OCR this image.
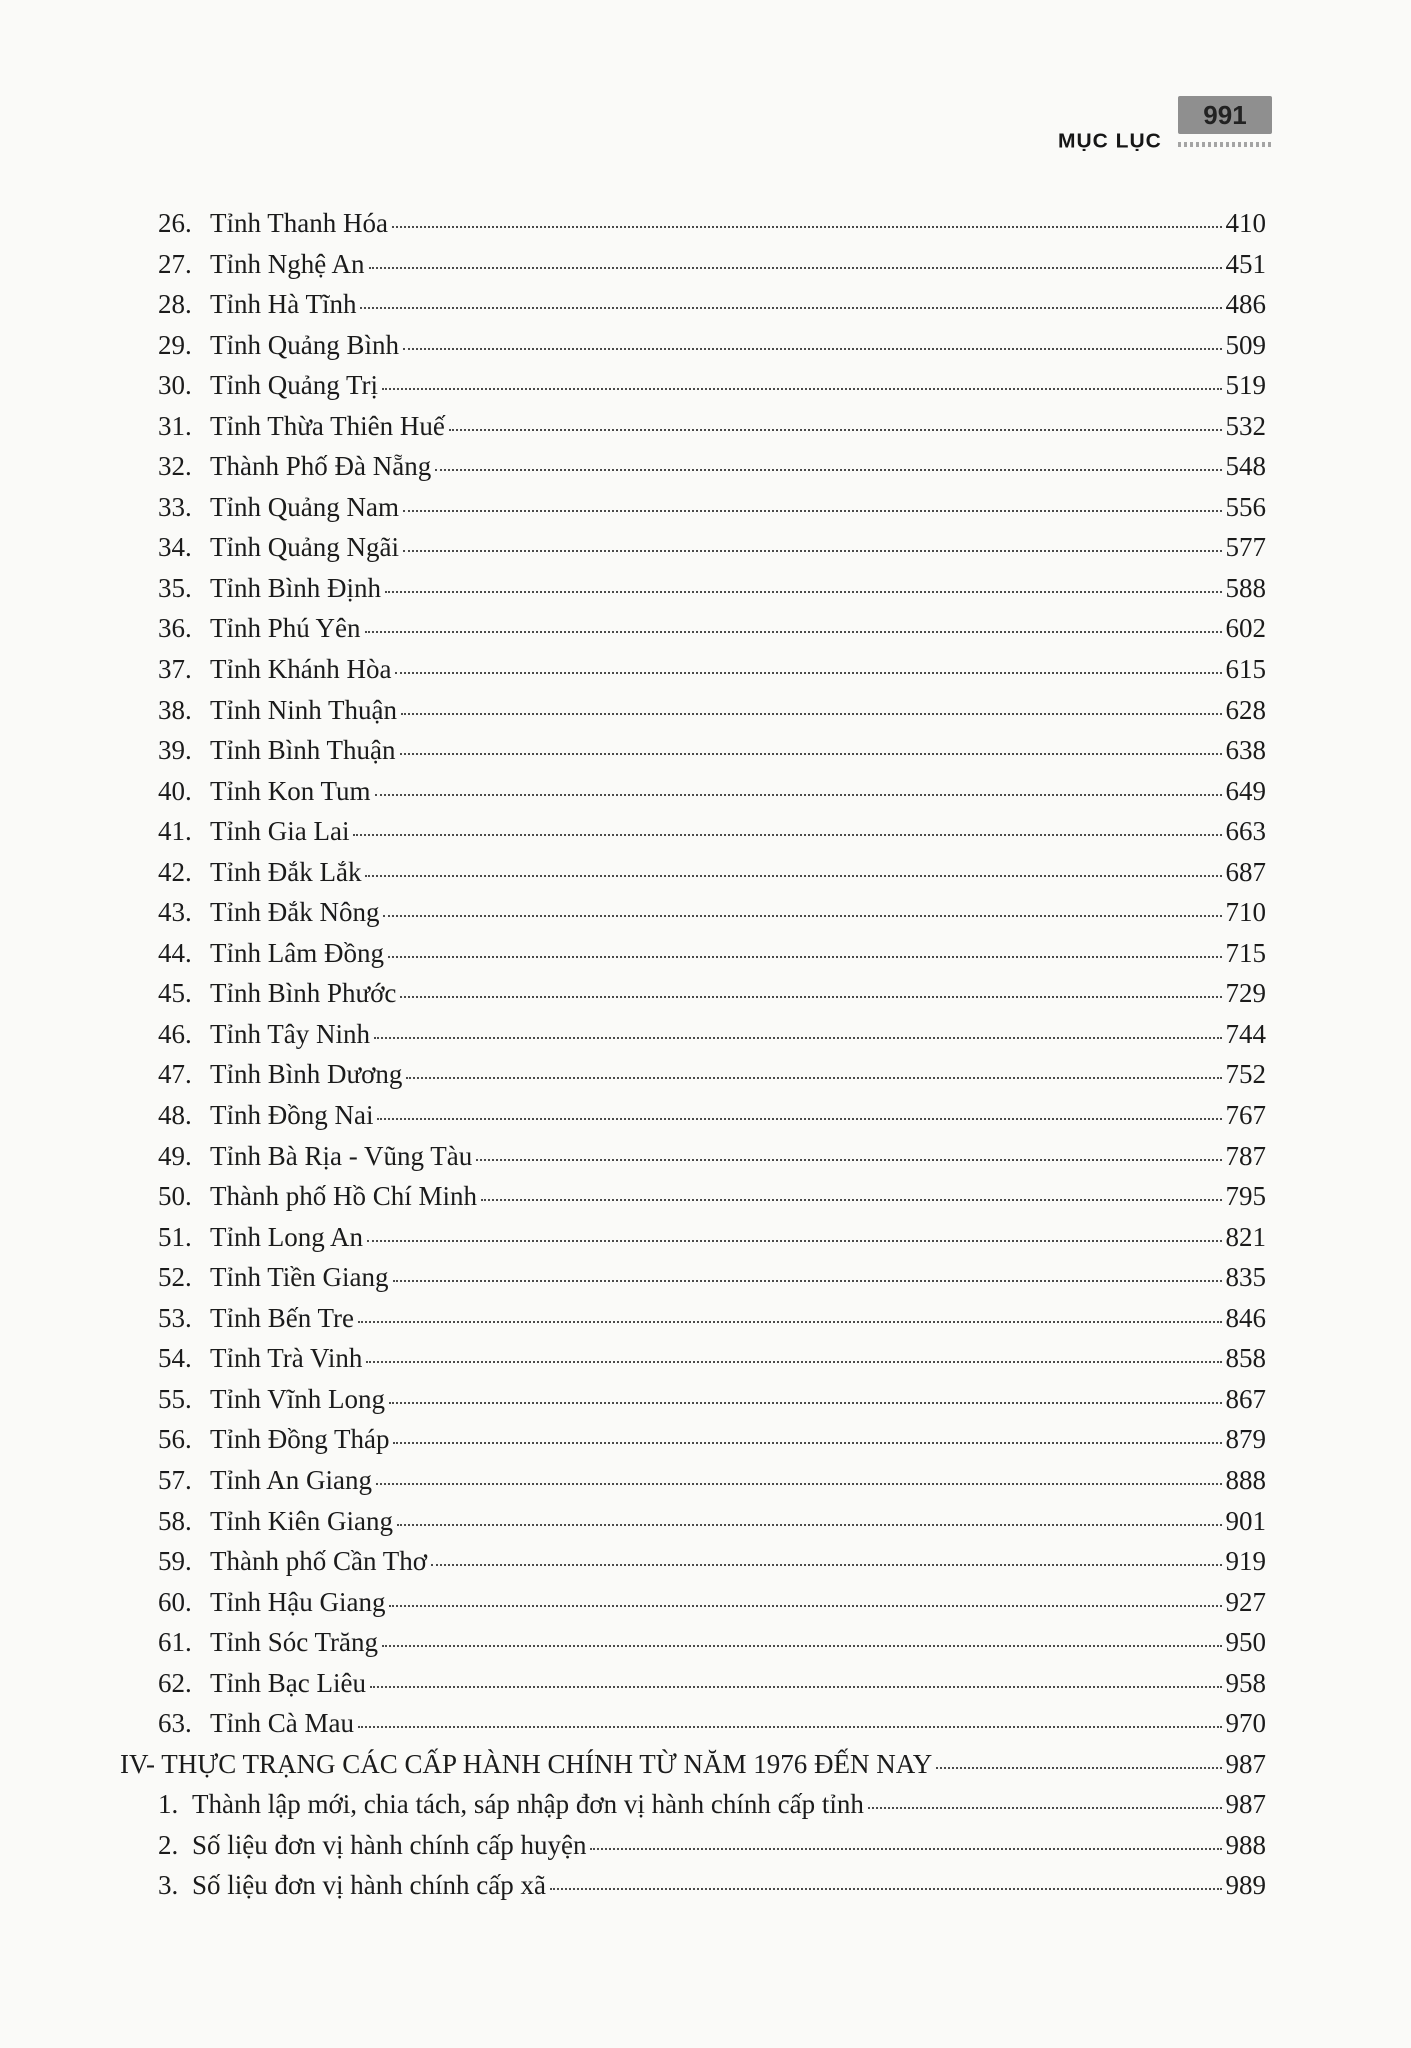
MỤC LỤC
991
26. Tỉnh Thanh Hóa	410
27. Tỉnh Nghệ An	451
28. Tỉnh Hà Tĩnh	486
29. Tỉnh Quảng Bình	509
30. Tỉnh Quảng Trị	519
31. Tỉnh Thừa Thiên Huế	532
32. Thành Phố Đà Nẵng	548
33. Tỉnh Quảng Nam	556
34. Tỉnh Quảng Ngãi	577
35. Tỉnh Bình Định	588
36. Tỉnh Phú Yên	602
37. Tỉnh Khánh Hòa	615
38. Tỉnh Ninh Thuận	628
39. Tỉnh Bình Thuận	638
40. Tỉnh Kon Tum	649
41. Tỉnh Gia Lai	663
42. Tỉnh Đắk Lắk	687
43. Tỉnh Đắk Nông	710
44. Tỉnh Lâm Đồng	715
45. Tỉnh Bình Phước	729
46. Tỉnh Tây Ninh	744
47. Tỉnh Bình Dương	752
48. Tỉnh Đồng Nai	767
49. Tỉnh Bà Rịa - Vũng Tàu	787
50. Thành phố Hồ Chí Minh	795
51. Tỉnh Long An	821
52. Tỉnh Tiền Giang	835
53. Tỉnh Bến Tre	846
54. Tỉnh Trà Vinh	858
55. Tỉnh Vĩnh Long	867
56. Tỉnh Đồng Tháp	879
57. Tỉnh An Giang	888
58. Tỉnh Kiên Giang	901
59. Thành phố Cần Thơ	919
60. Tỉnh Hậu Giang	927
61. Tỉnh Sóc Trăng	950
62. Tỉnh Bạc Liêu	958
63. Tỉnh Cà Mau	970
IV- THỰC TRẠNG CÁC CẤP HÀNH CHÍNH TỪ NĂM 1976 ĐẾN NAY	987
1. Thành lập mới, chia tách, sáp nhập đơn vị hành chính cấp tỉnh	987
2. Số liệu đơn vị hành chính cấp huyện	988
3. Số liệu đơn vị hành chính cấp xã	989
